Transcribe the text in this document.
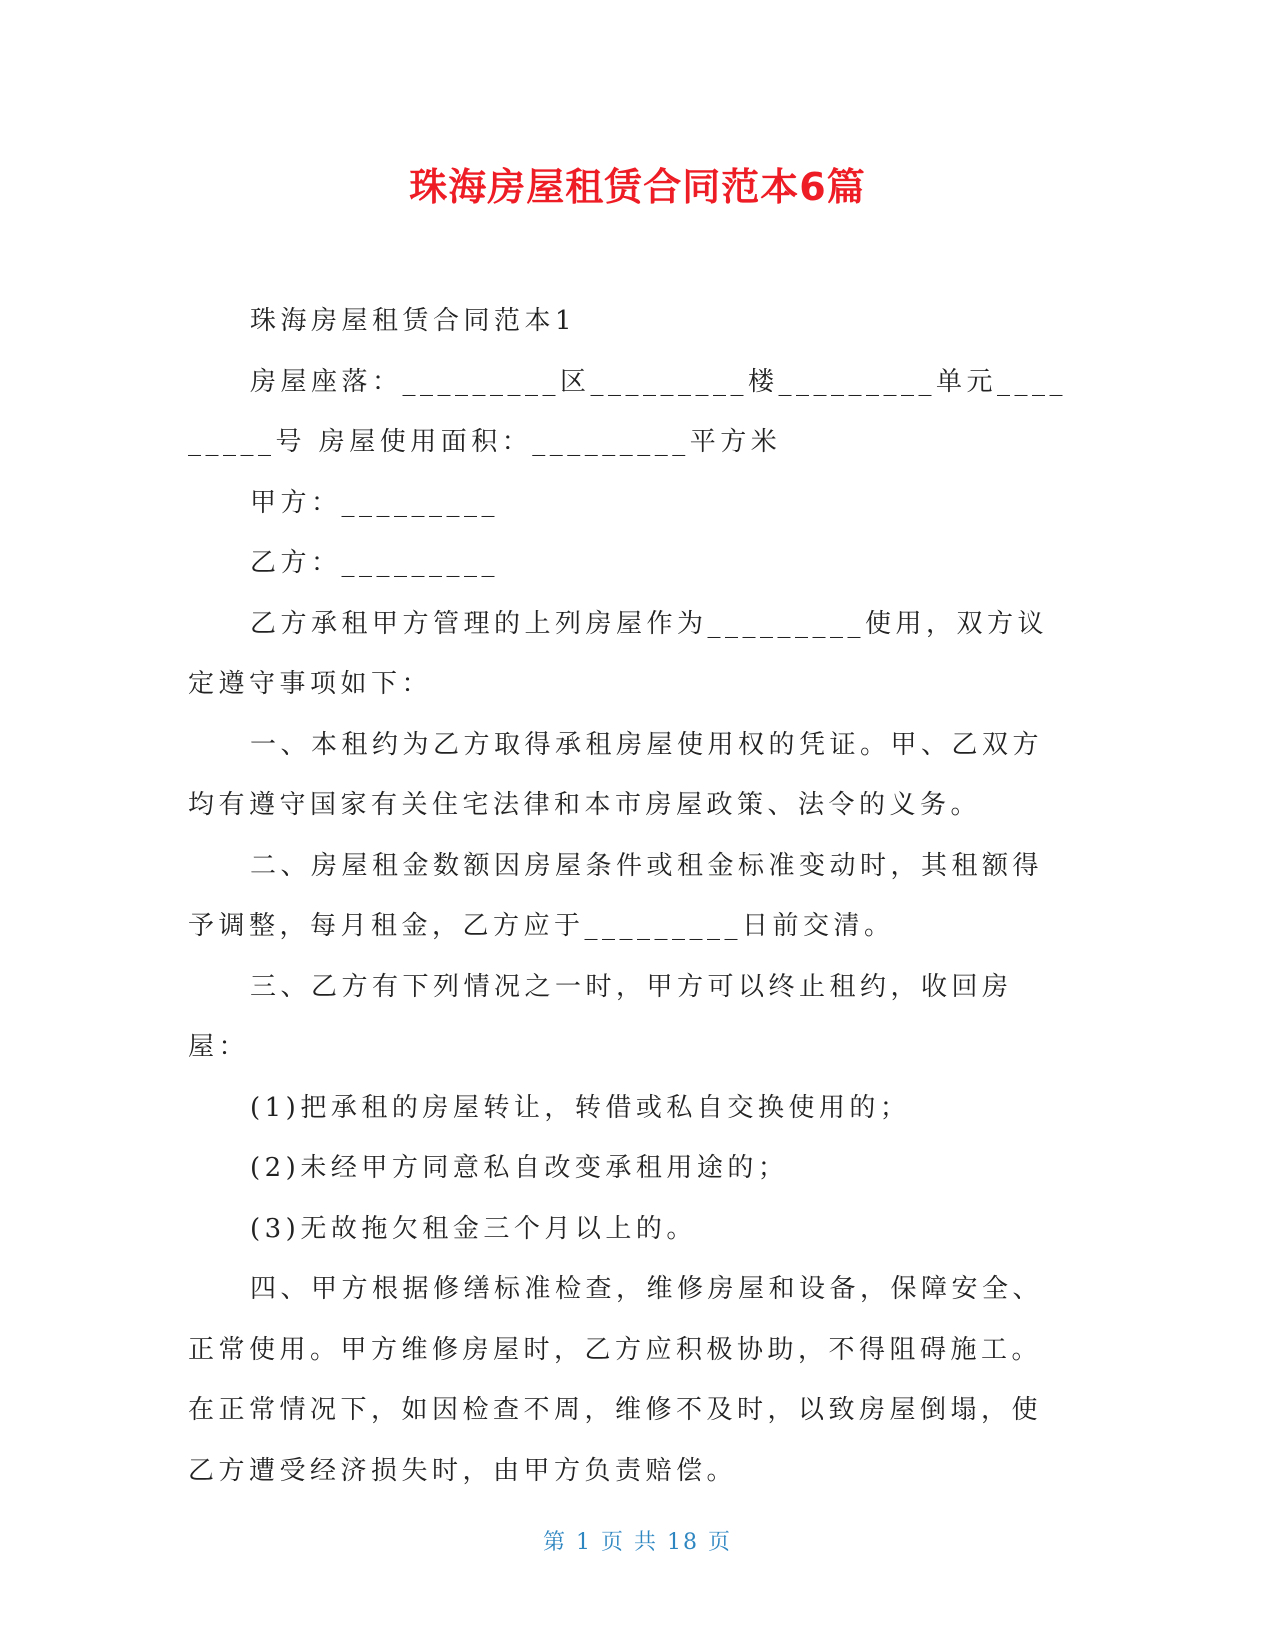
珠海房屋租赁合同范本6篇

珠海房屋租赁合同范本1

房屋座落：_________区_________楼_________单元_________号 房屋使用面积：_________平方米

甲方：_________

乙方：_________

乙方承租甲方管理的上列房屋作为_________使用，双方议定遵守事项如下：

一、本租约为乙方取得承租房屋使用权的凭证。甲、乙双方均有遵守国家有关住宅法律和本市房屋政策、法令的义务。

二、房屋租金数额因房屋条件或租金标准变动时，其租额得予调整，每月租金，乙方应于_________日前交清。

三、乙方有下列情况之一时，甲方可以终止租约，收回房屋：

(1)把承租的房屋转让，转借或私自交换使用的；

(2)未经甲方同意私自改变承租用途的；

(3)无故拖欠租金三个月以上的。

四、甲方根据修缮标准检查，维修房屋和设备，保障安全、正常使用。甲方维修房屋时，乙方应积极协助，不得阻碍施工。在正常情况下，如因检查不周，维修不及时，以致房屋倒塌，使乙方遭受经济损失时，由甲方负责赔偿。

第 1 页 共 18 页
